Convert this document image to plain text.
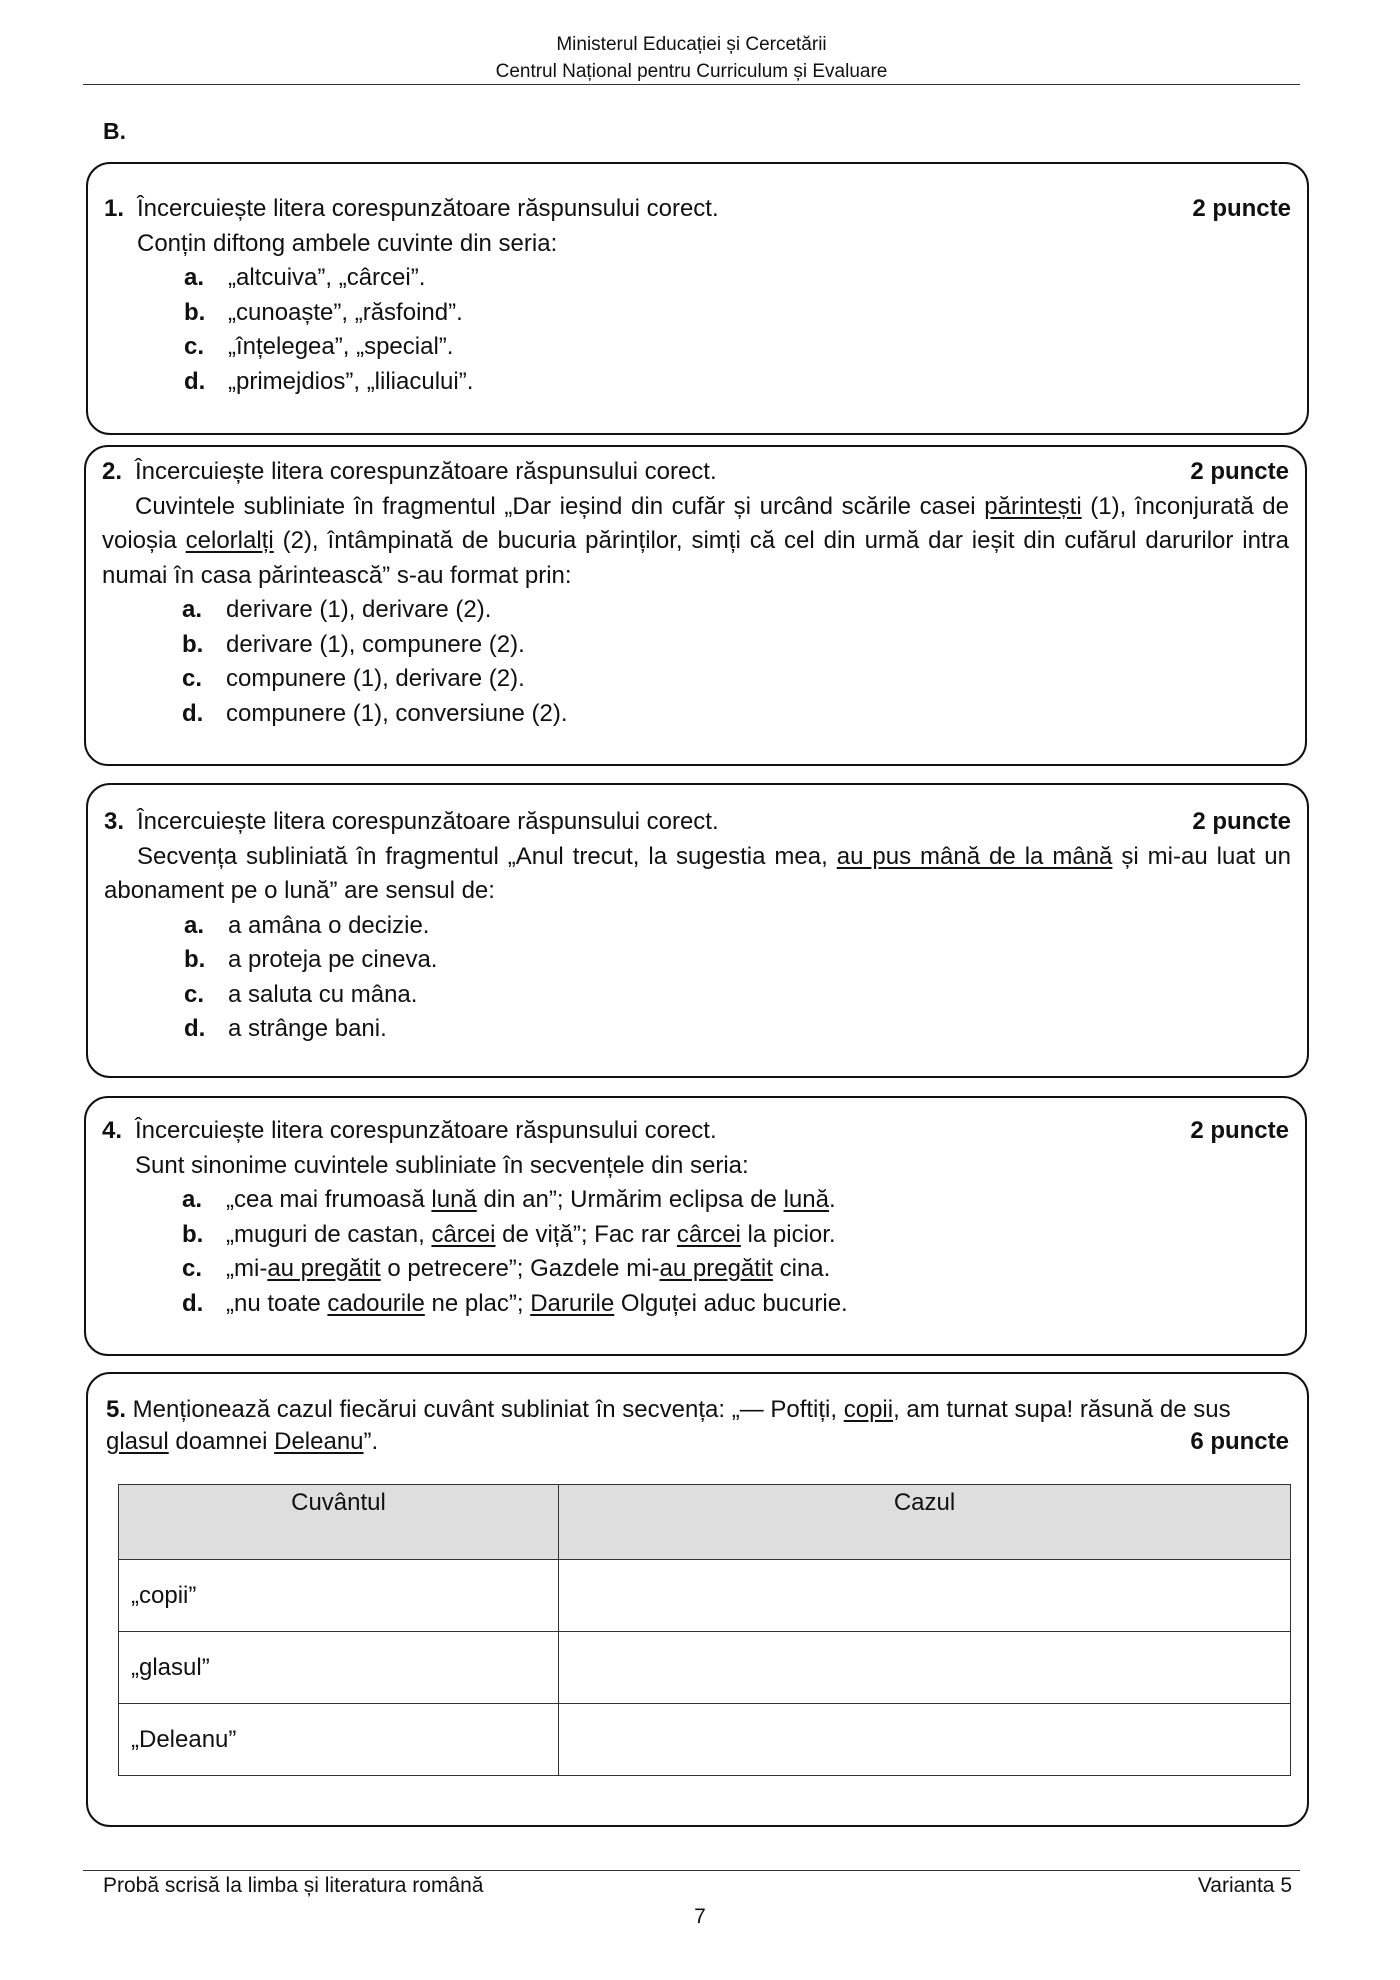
Ministerul Educației și Cercetării
Centrul Național pentru Curriculum și Evaluare
B.
1. Încercuiește litera corespunzătoare răspunsului corect.	2 puncte
Conțin diftong ambele cuvinte din seria:
a. „altcuiva”, „cârcei”.
b. „cunoaște”, „răsfoind”.
c. „înțelegea”, „special”.
d. „primejdios”, „liliacului”.
2. Încercuiește litera corespunzătoare răspunsului corect.	2 puncte
Cuvintele subliniate în fragmentul „Dar ieșind din cufăr și urcând scările casei părintești (1), înconjurată de voioșia celorlalți (2), întâmpinată de bucuria părinților, simți că cel din urmă dar ieșit din cufărul darurilor intra numai în casa părintească” s-au format prin:
a. derivare (1), derivare (2).
b. derivare (1), compunere (2).
c. compunere (1), derivare (2).
d. compunere (1), conversiune (2).
3. Încercuiește litera corespunzătoare răspunsului corect.	2 puncte
Secvența subliniată în fragmentul „Anul trecut, la sugestia mea, au pus mână de la mână și mi-au luat un abonament pe o lună” are sensul de:
a. a amâna o decizie.
b. a proteja pe cineva.
c. a saluta cu mâna.
d. a strânge bani.
4. Încercuiește litera corespunzătoare răspunsului corect.	2 puncte
Sunt sinonime cuvintele subliniate în secvențele din seria:
a. „cea mai frumoasă lună din an”; Urmărim eclipsa de lună.
b. „muguri de castan, cârcei de viță”; Fac rar cârcei la picior.
c. „mi-au pregătit o petrecere”; Gazdele mi-au pregătit cina.
d. „nu toate cadourile ne plac”; Darurile Olguței aduc bucurie.
5. Menționează cazul fiecărui cuvânt subliniat în secvența: „— Poftiți, copii, am turnat supa! răsună de sus glasul doamnei Deleanu”.	6 puncte
Cuvântul	Cazul
„copii”	
„glasul”	
„Deleanu”	
Probă scrisă la limba și literatura română	Varianta 5
7
